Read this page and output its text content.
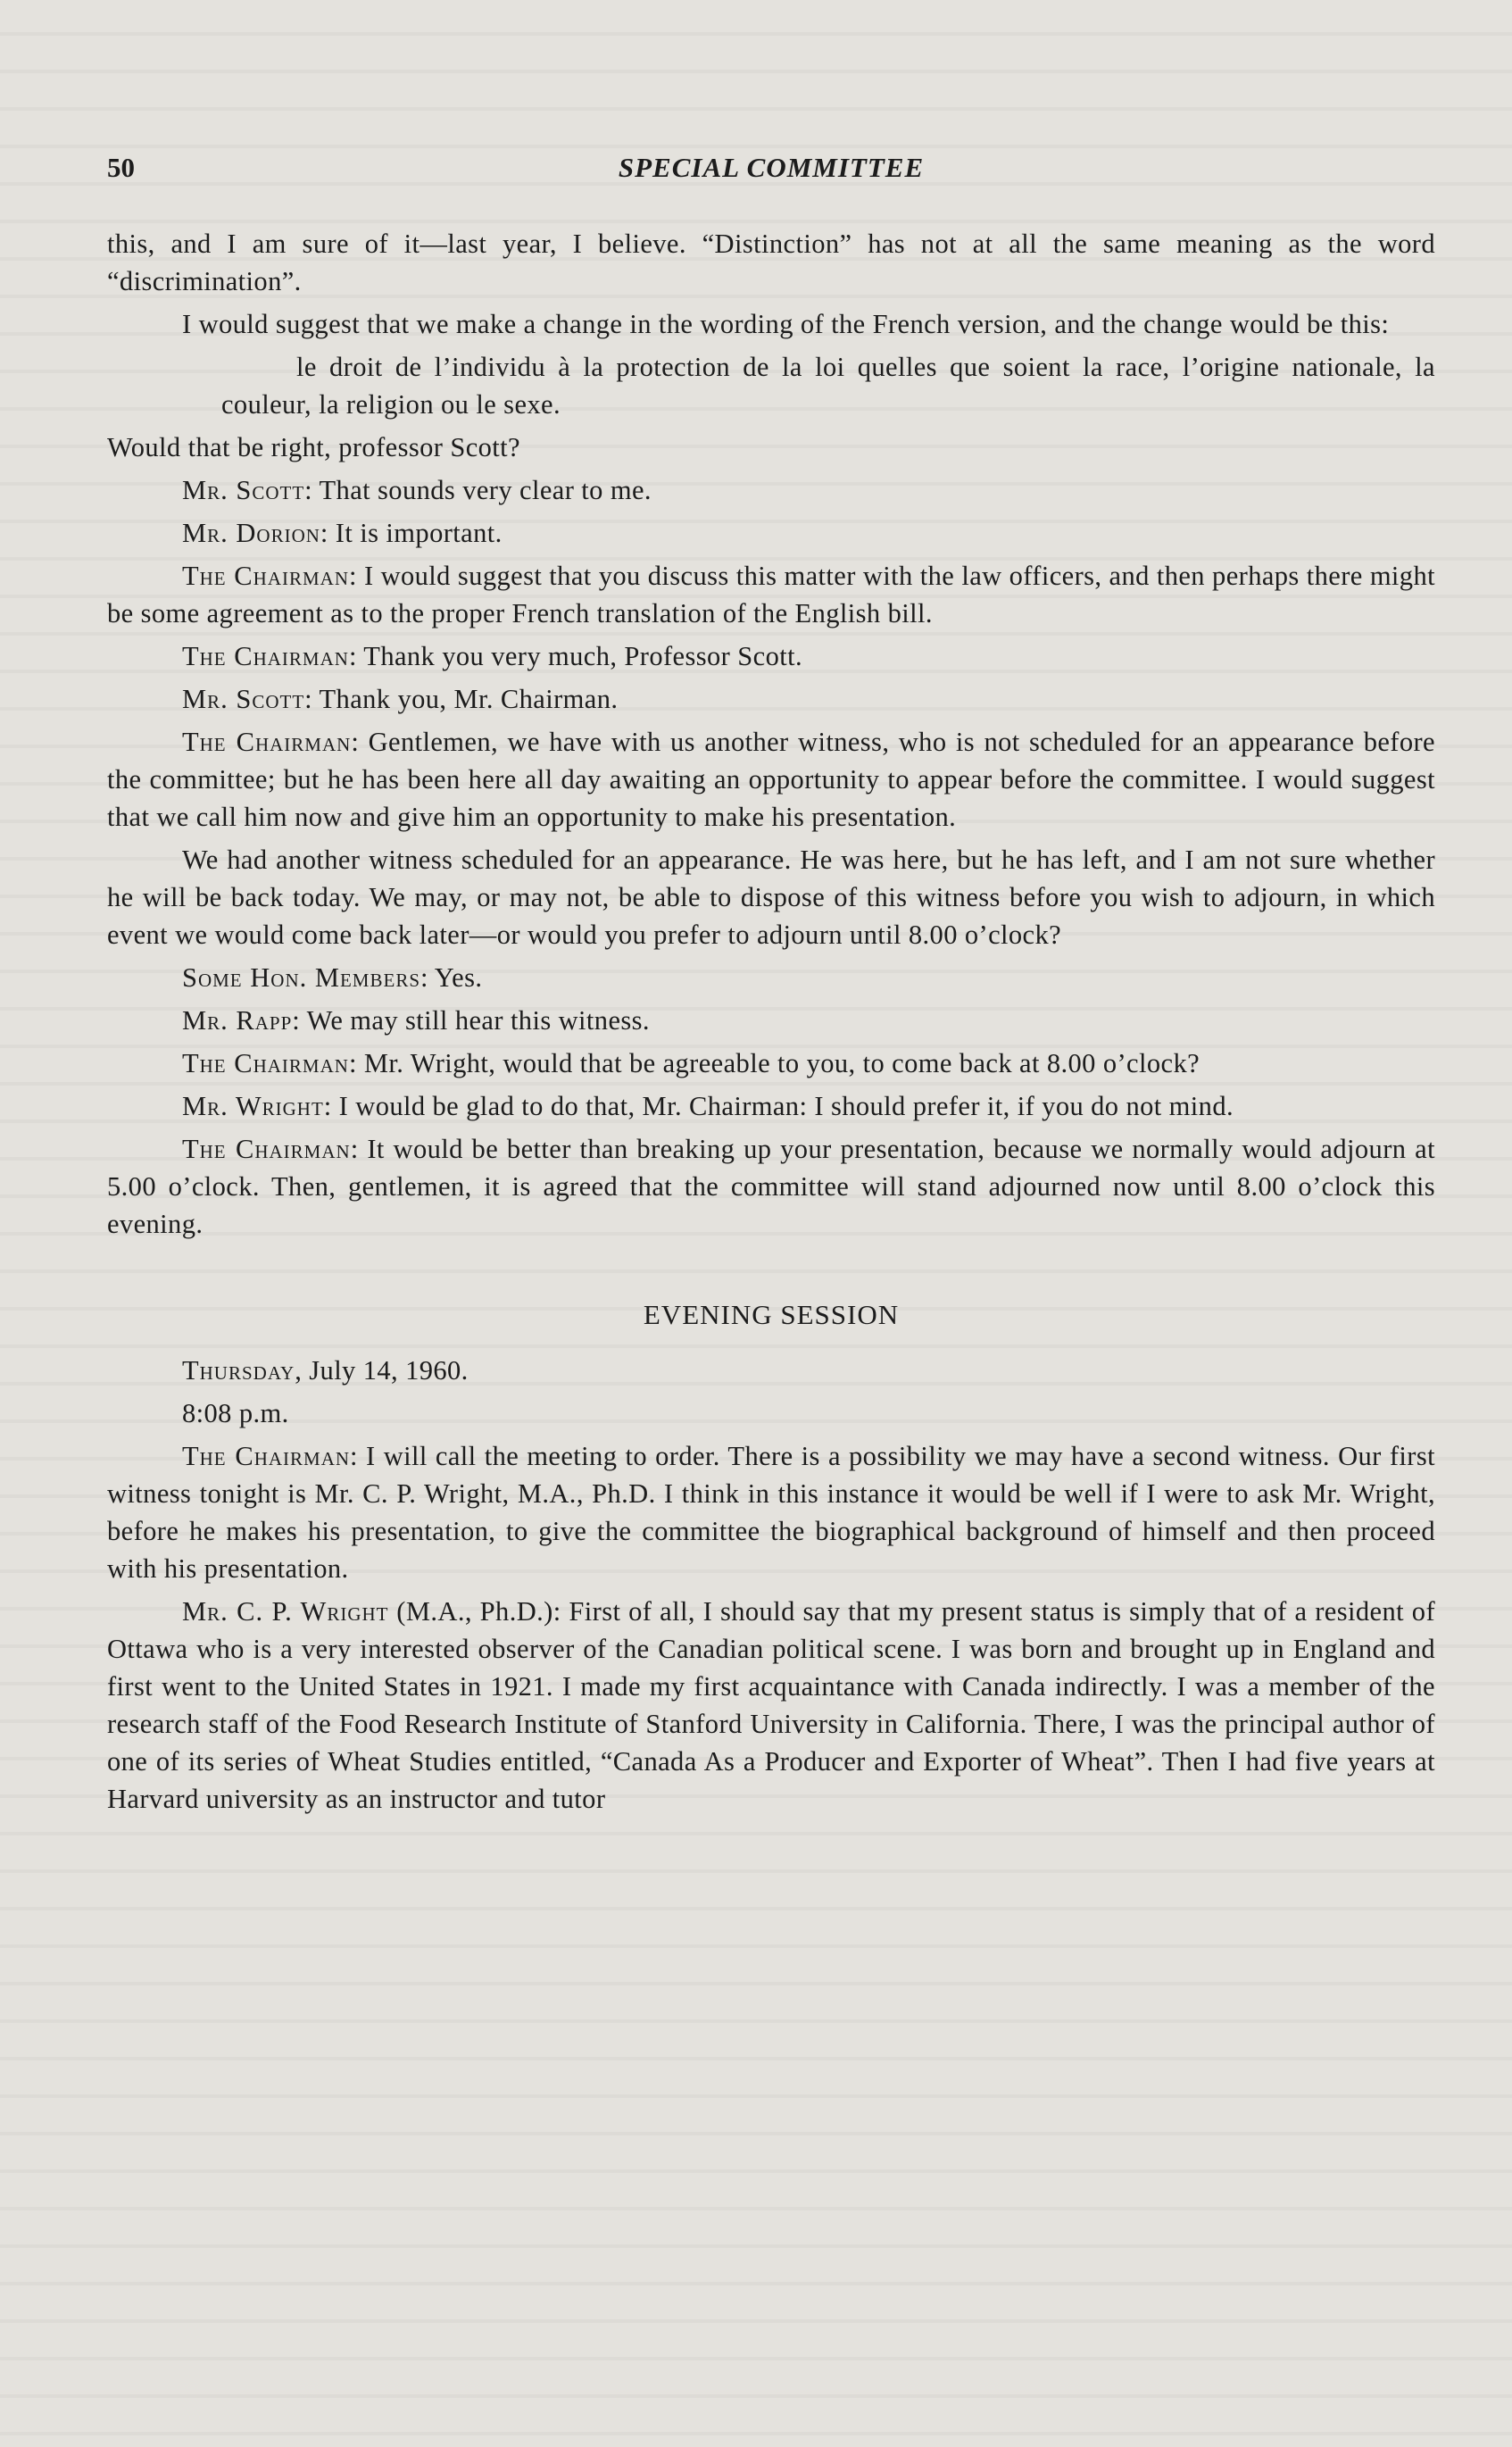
50	SPECIAL COMMITTEE

this, and I am sure of it—last year, I believe. “Distinction” has not at all the same meaning as the word “discrimination”.

I would suggest that we make a change in the wording of the French version, and the change would be this:

le droit de l’individu à la protection de la loi quelles que soient la race, l’origine nationale, la couleur, la religion ou le sexe.

Would that be right, professor Scott?

Mr. Scott: That sounds very clear to me.

Mr. Dorion: It is important.

The Chairman: I would suggest that you discuss this matter with the law officers, and then perhaps there might be some agreement as to the proper French translation of the English bill.

The Chairman: Thank you very much, Professor Scott.

Mr. Scott: Thank you, Mr. Chairman.

The Chairman: Gentlemen, we have with us another witness, who is not scheduled for an appearance before the committee; but he has been here all day awaiting an opportunity to appear before the committee. I would suggest that we call him now and give him an opportunity to make his presentation.

We had another witness scheduled for an appearance. He was here, but he has left, and I am not sure whether he will be back today. We may, or may not, be able to dispose of this witness before you wish to adjourn, in which event we would come back later—or would you prefer to adjourn until 8.00 o’clock?

Some Hon. Members: Yes.

Mr. Rapp: We may still hear this witness.

The Chairman: Mr. Wright, would that be agreeable to you, to come back at 8.00 o’clock?

Mr. Wright: I would be glad to do that, Mr. Chairman: I should prefer it, if you do not mind.

The Chairman: It would be better than breaking up your presentation, because we normally would adjourn at 5.00 o’clock. Then, gentlemen, it is agreed that the committee will stand adjourned now until 8.00 o’clock this evening.

EVENING SESSION

Thursday, July 14, 1960.

8:08 p.m.

The Chairman: I will call the meeting to order. There is a possibility we may have a second witness. Our first witness tonight is Mr. C. P. Wright, M.A., Ph.D. I think in this instance it would be well if I were to ask Mr. Wright, before he makes his presentation, to give the committee the biographical background of himself and then proceed with his presentation.

Mr. C. P. Wright (M.A., Ph.D.): First of all, I should say that my present status is simply that of a resident of Ottawa who is a very interested observer of the Canadian political scene. I was born and brought up in England and first went to the United States in 1921. I made my first acquaintance with Canada indirectly. I was a member of the research staff of the Food Research Institute of Stanford University in California. There, I was the principal author of one of its series of Wheat Studies entitled, “Canada As a Producer and Exporter of Wheat”. Then I had five years at Harvard university as an instructor and tutor
